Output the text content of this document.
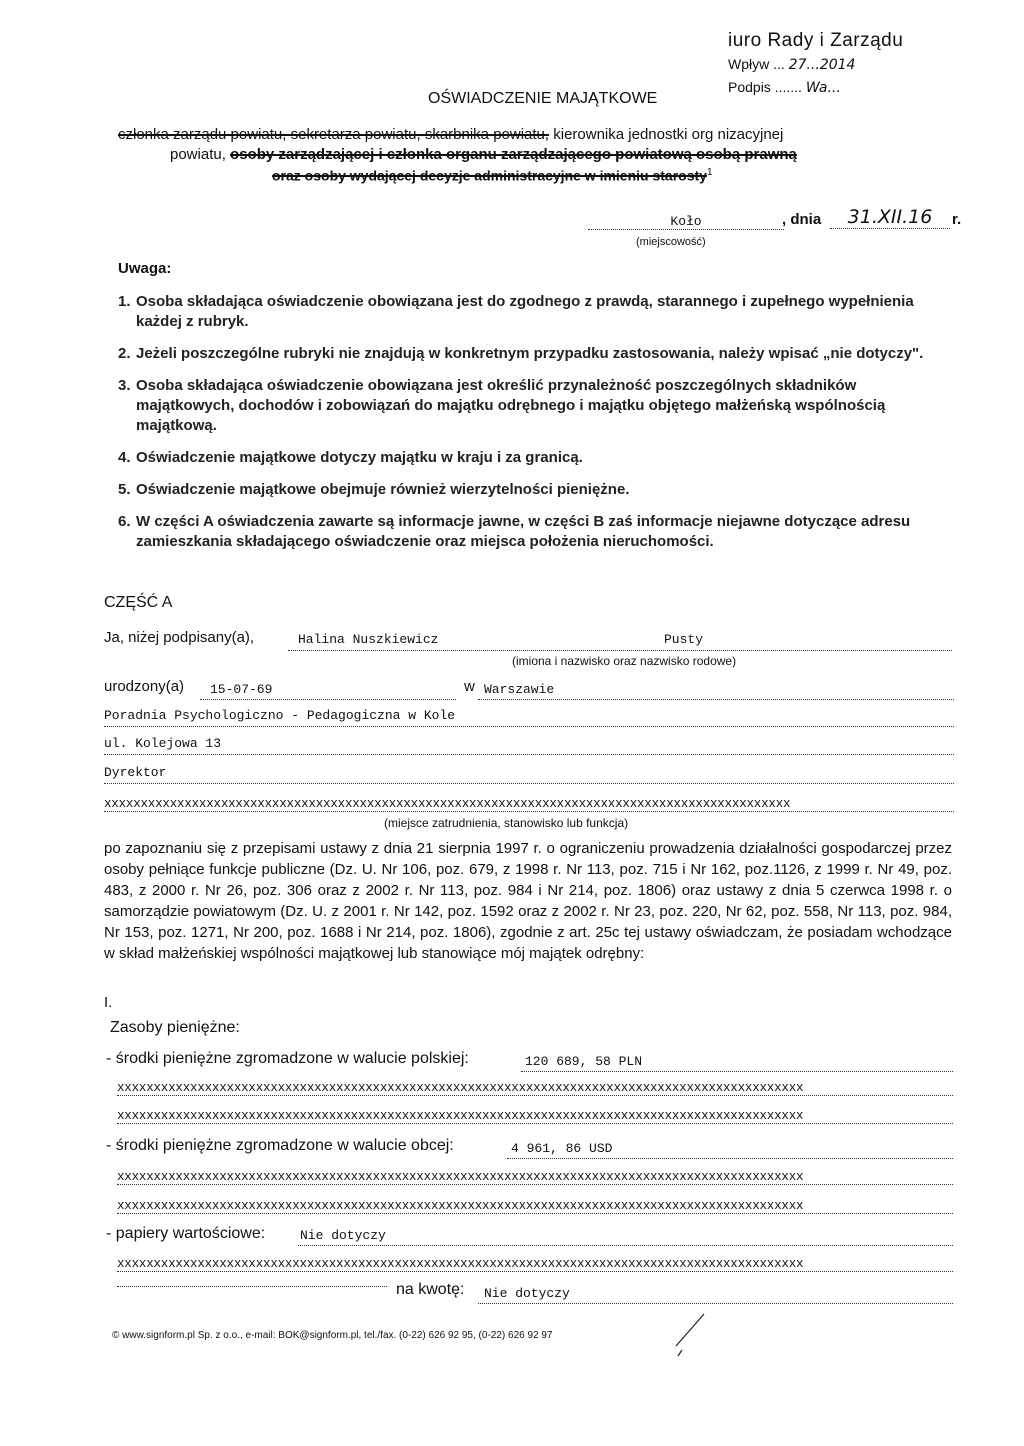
iuro Rady i Zarządu
Wpływ ... 27...2014
Podpis ....... Wa...
OŚWIADCZENIE MAJĄTKOWE
członka zarządu powiatu, sekretarza powiatu, skarbnika powiatu, kierownika jednostki org nizacyjnej
powiatu, osoby zarządzającej i członka organu zarządzającego powiatową osobą prawną
oraz osoby wydającej decyzje administracyjne w imieniu starosty$^1$
Koło
(miejscowość)
, dnia	31.XII.16	r.
Uwaga:
1. Osoba składająca oświadczenie obowiązana jest do zgodnego z prawdą, starannego i zupełnego wypełnienia każdej z rubryk.
2. Jeżeli poszczególne rubryki nie znajdują w konkretnym przypadku zastosowania, należy wpisać „nie dotyczy".
3. Osoba składająca oświadczenie obowiązana jest określić przynależność poszczególnych składników majątkowych, dochodów i zobowiązań do majątku odrębnego i majątku objętego małżeńską wspólnością majątkową.
4. Oświadczenie majątkowe dotyczy majątku w kraju i za granicą.
5. Oświadczenie majątkowe obejmuje również wierzytelności pieniężne.
6. W części A oświadczenia zawarte są informacje jawne, w części B zaś informacje niejawne dotyczące adresu zamieszkania składającego oświadczenie oraz miejsca położenia nieruchomości.
CZĘŚĆ A
Ja, niżej podpisany(a),	Halina Nuszkiewicz	Pusty
(imiona i nazwisko oraz nazwisko rodowe)
urodzony(a) 15-07-69	w Warszawie
Poradnia Psychologiczno - Pedagogiczna w Kole
ul. Kolejowa 13
Dyrektor
xxxxxxxxxxxxxxxxxxxxxxxxxxxxxxxxxxxxxxxxxxxxxxxxxxxxxxxxxxxxxxxxxxxxxxxxxxxxxxxxxxxxxxxxxxxxxx
(miejsce zatrudnienia, stanowisko lub funkcja)
po zapoznaniu się z przepisami ustawy z dnia 21 sierpnia 1997 r. o ograniczeniu prowadzenia działalności gospodarczej przez osoby pełniące funkcje publiczne (Dz. U. Nr 106, poz. 679, z 1998 r. Nr 113, poz. 715 i Nr 162, poz.1126, z 1999 r. Nr 49, poz. 483, z 2000 r. Nr 26, poz. 306 oraz z 2002 r. Nr 113, poz. 984 i Nr 214, poz. 1806) oraz ustawy z dnia 5 czerwca 1998 r. o samorządzie powiatowym (Dz. U. z 2001 r. Nr 142, poz. 1592 oraz z 2002 r. Nr 23, poz. 220, Nr 62, poz. 558, Nr 113, poz. 984, Nr 153, poz. 1271, Nr 200, poz. 1688 i Nr 214, poz. 1806), zgodnie z art. 25c tej ustawy oświadczam, że posiadam wchodzące w skład małżeńskiej wspólności majątkowej lub stanowiące mój majątek odrębny:
I.
Zasoby pieniężne:
- środki pieniężne zgromadzone w walucie polskiej:	120 689, 58 PLN
xxxxxxxxxxxxxxxxxxxxxxxxxxxxxxxxxxxxxxxxxxxxxxxxxxxxxxxxxxxxxxxxxxxxxxxxxxxxxxxxxxxxxxxxxxxxxx
xxxxxxxxxxxxxxxxxxxxxxxxxxxxxxxxxxxxxxxxxxxxxxxxxxxxxxxxxxxxxxxxxxxxxxxxxxxxxxxxxxxxxxxxxxxxxx
- środki pieniężne zgromadzone w walucie obcej:	4 961, 86 USD
xxxxxxxxxxxxxxxxxxxxxxxxxxxxxxxxxxxxxxxxxxxxxxxxxxxxxxxxxxxxxxxxxxxxxxxxxxxxxxxxxxxxxxxxxxxxxx
xxxxxxxxxxxxxxxxxxxxxxxxxxxxxxxxxxxxxxxxxxxxxxxxxxxxxxxxxxxxxxxxxxxxxxxxxxxxxxxxxxxxxxxxxxxxxx
- papiery wartościowe:	Nie dotyczy
xxxxxxxxxxxxxxxxxxxxxxxxxxxxxxxxxxxxxxxxxxxxxxxxxxxxxxxxxxxxxxxxxxxxxxxxxxxxxxxxxxxxxxxxxxxxxx
na kwotę: Nie dotyczy
© www.signform.pl Sp. z o.o., e-mail: BOK@signform.pl, tel./fax. (0-22) 626 92 95, (0-22) 626 92 97
